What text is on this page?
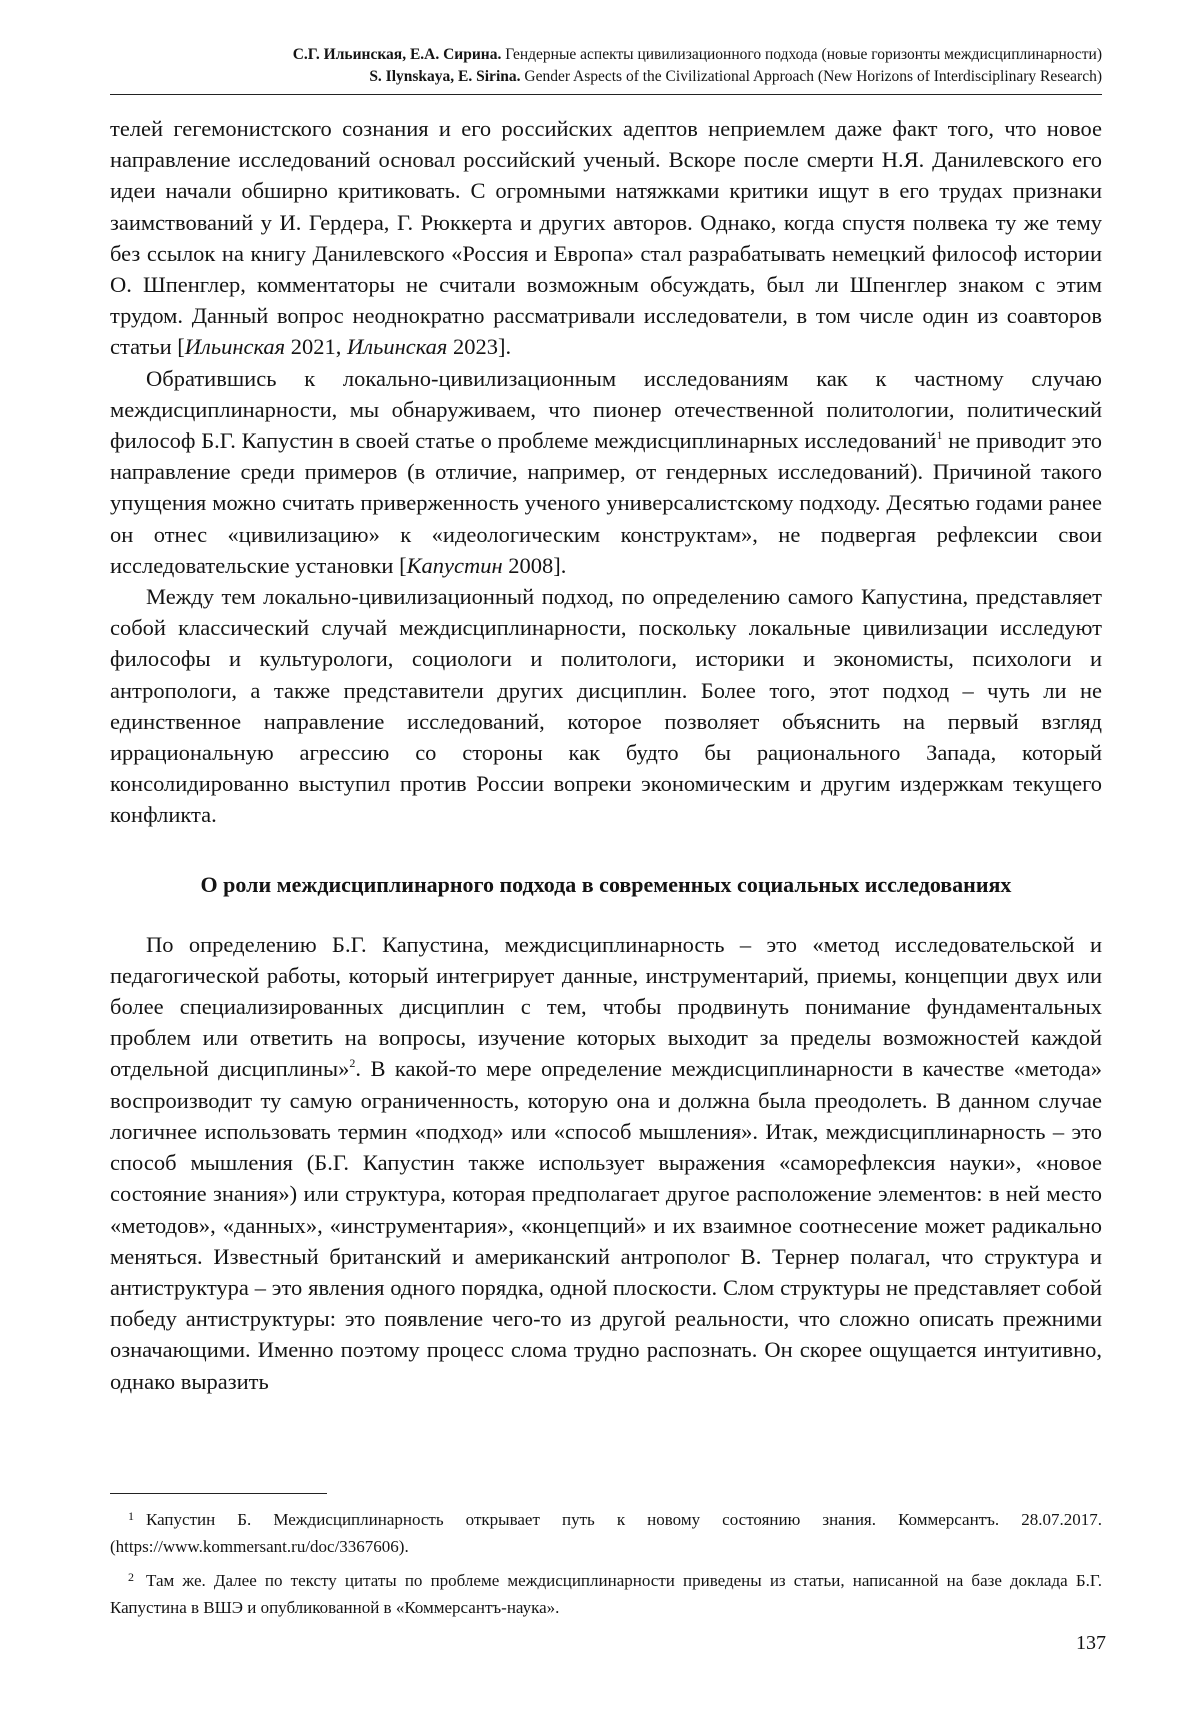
С.Г. Ильинская, Е.А. Сирина. Гендерные аспекты цивилизационного подхода (новые горизонты междисциплинарности)
S. Ilynskaya, E. Sirina. Gender Aspects of the Civilizational Approach (New Horizons of Interdisciplinary Research)

телей гегемонистского сознания и его российских адептов неприемлем даже факт того, что новое направление исследований основал российский ученый. Вскоре после смерти Н.Я. Данилевского его идеи начали обширно критиковать. С огромными натяжками критики ищут в его трудах признаки заимствований у И. Гердера, Г. Рюккерта и других авторов. Однако, когда спустя полвека ту же тему без ссылок на книгу Данилевского «Россия и Европа» стал разрабатывать немецкий философ истории О. Шпенглер, комментаторы не считали возможным обсуждать, был ли Шпенглер знаком с этим трудом. Данный вопрос неоднократно рассматривали исследователи, в том числе один из соавторов статьи [Ильинская 2021, Ильинская 2023].

Обратившись к локально-цивилизационным исследованиям как к частному случаю междисциплинарности, мы обнаруживаем, что пионер отечественной политологии, политический философ Б.Г. Капустин в своей статье о проблеме междисциплинарных исследований$^1$ не приводит это направление среди примеров (в отличие, например, от гендерных исследований). Причиной такого упущения можно считать приверженность ученого универсалистскому подходу. Десятью годами ранее он отнес «цивилизацию» к «идеологическим конструктам», не подвергая рефлексии свои исследовательские установки [Капустин 2008].

Между тем локально-цивилизационный подход, по определению самого Капустина, представляет собой классический случай междисциплинарности, поскольку локальные цивилизации исследуют философы и культурологи, социологи и политологи, историки и экономисты, психологи и антропологи, а также представители других дисциплин. Более того, этот подход – чуть ли не единственное направление исследований, которое позволяет объяснить на первый взгляд иррациональную агрессию со стороны как будто бы рационального Запада, который консолидированно выступил против России вопреки экономическим и другим издержкам текущего конфликта.

О роли междисциплинарного подхода в современных социальных исследованиях

По определению Б.Г. Капустина, междисциплинарность – это «метод исследовательской и педагогической работы, который интегрирует данные, инструментарий, приемы, концепции двух или более специализированных дисциплин с тем, чтобы продвинуть понимание фундаментальных проблем или ответить на вопросы, изучение которых выходит за пределы возможностей каждой отдельной дисциплины»$^2$. В какой-то мере определение междисциплинарности в качестве «метода» воспроизводит ту самую ограниченность, которую она и должна была преодолеть. В данном случае логичнее использовать термин «подход» или «способ мышления». Итак, междисциплинарность – это способ мышления (Б.Г. Капустин также использует выражения «саморефлексия науки», «новое состояние знания») или структура, которая предполагает другое расположение элементов: в ней место «методов», «данных», «инструментария», «концепций» и их взаимное соотнесение может радикально меняться. Известный британский и американский антрополог В. Тернер полагал, что структура и антиструктура – это явления одного порядка, одной плоскости. Слом структуры не представляет собой победу антиструктуры: это появление чего-то из другой реальности, что сложно описать прежними означающими. Именно поэтому процесс слома трудно распознать. Он скорее ощущается интуитивно, однако выразить

1 Капустин Б. Междисциплинарность открывает путь к новому состоянию знания. Коммерсантъ. 28.07.2017. (https://www.kommersant.ru/doc/3367606).
2 Там же. Далее по тексту цитаты по проблеме междисциплинарности приведены из статьи, написанной на базе доклада Б.Г. Капустина в ВШЭ и опубликованной в «Коммерсантъ-наука».
137
